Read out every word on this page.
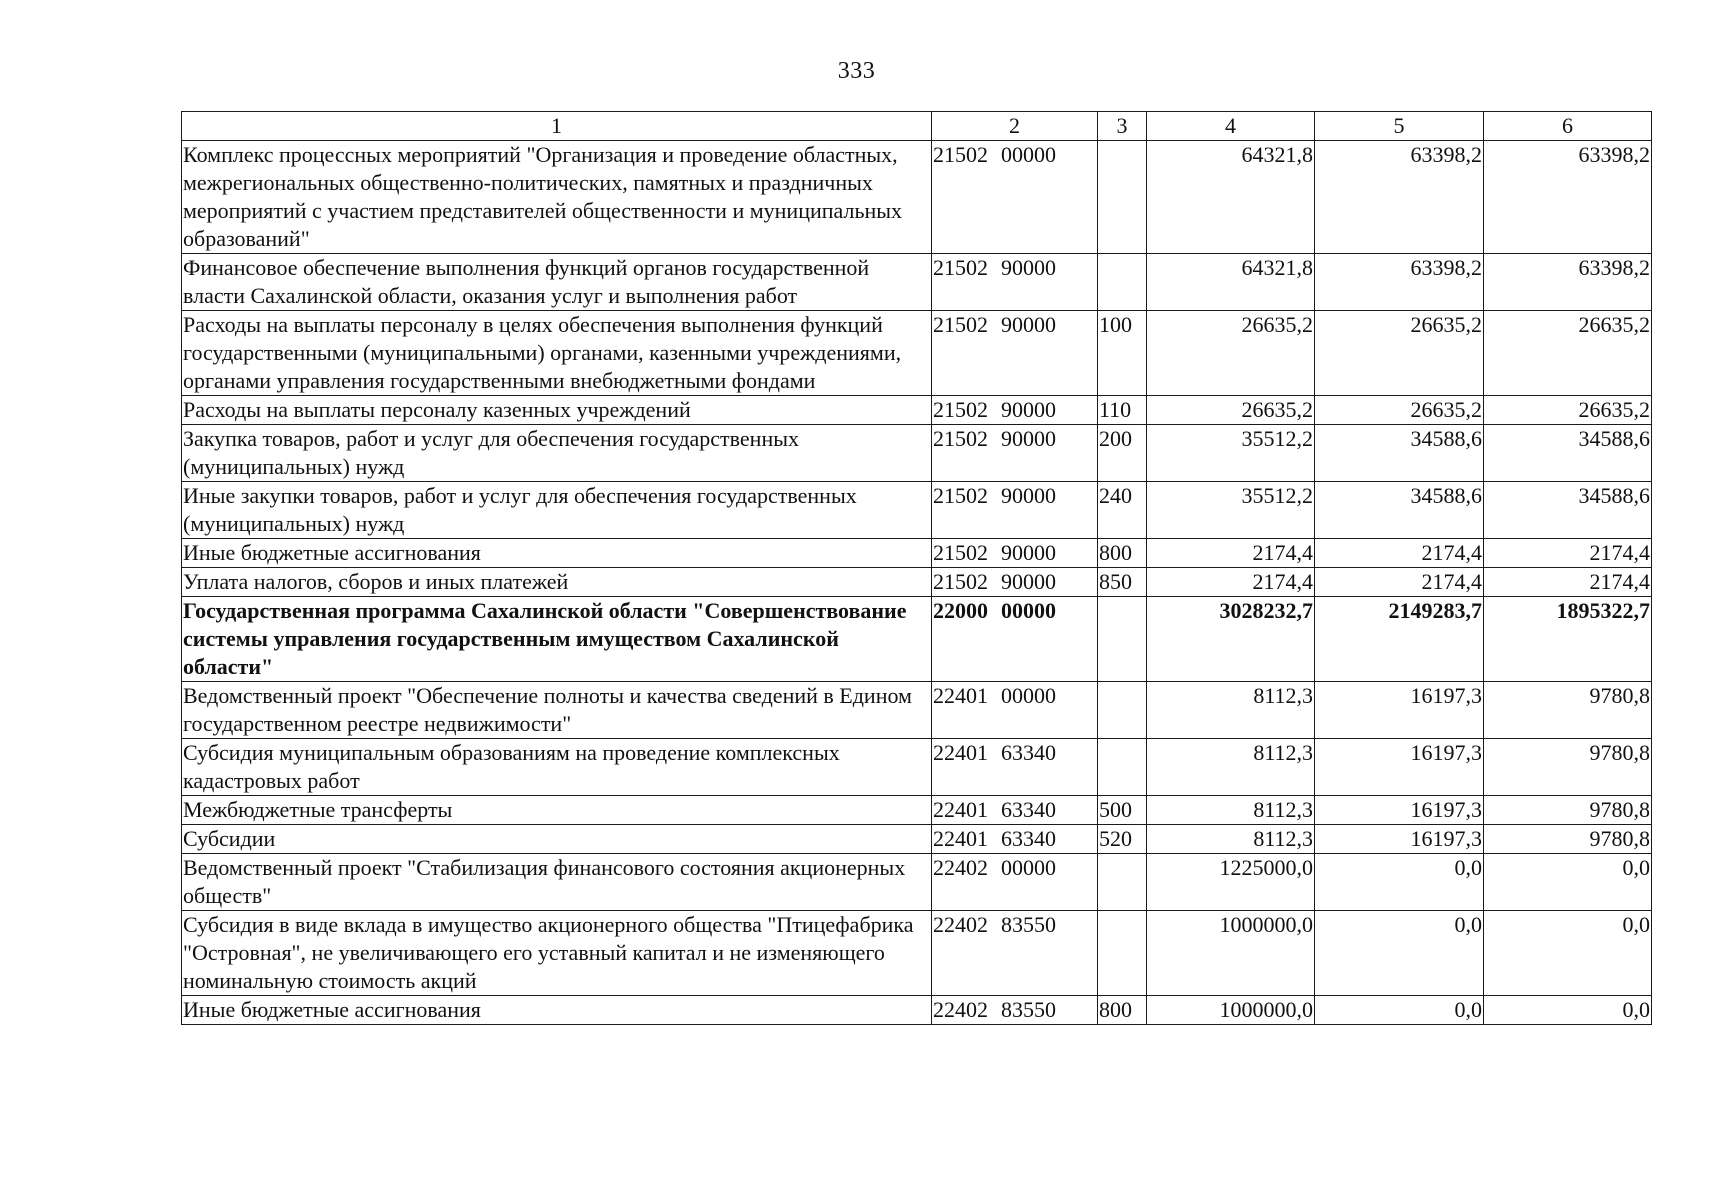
333
1	2	3	4	5	6
Комплекс процессных мероприятий "Организация и проведение областных, межрегиональных общественно-политических, памятных и праздничных мероприятий с участием представителей общественности и муниципальных образований"	21502 00000		64321,8	63398,2	63398,2
Финансовое обеспечение выполнения функций органов государственной власти Сахалинской области, оказания услуг и выполнения работ	21502 90000		64321,8	63398,2	63398,2
Расходы на выплаты персоналу в целях обеспечения выполнения функций государственными (муниципальными) органами, казенными учреждениями, органами управления государственными внебюджетными фондами	21502 90000	100	26635,2	26635,2	26635,2
Расходы на выплаты персоналу казенных учреждений	21502 90000	110	26635,2	26635,2	26635,2
Закупка товаров, работ и услуг для обеспечения государственных (муниципальных) нужд	21502 90000	200	35512,2	34588,6	34588,6
Иные закупки товаров, работ и услуг для обеспечения государственных (муниципальных) нужд	21502 90000	240	35512,2	34588,6	34588,6
Иные бюджетные ассигнования	21502 90000	800	2174,4	2174,4	2174,4
Уплата налогов, сборов и иных платежей	21502 90000	850	2174,4	2174,4	2174,4
Государственная программа Сахалинской области "Совершенствование системы управления государственным имуществом Сахалинской области"	22000 00000		3028232,7	2149283,7	1895322,7
Ведомственный проект "Обеспечение полноты и качества сведений в Едином государственном реестре недвижимости"	22401 00000		8112,3	16197,3	9780,8
Субсидия муниципальным образованиям на проведение комплексных кадастровых работ	22401 63340		8112,3	16197,3	9780,8
Межбюджетные трансферты	22401 63340	500	8112,3	16197,3	9780,8
Субсидии	22401 63340	520	8112,3	16197,3	9780,8
Ведомственный проект "Стабилизация финансового состояния акционерных обществ"	22402 00000		1225000,0	0,0	0,0
Субсидия в виде вклада в имущество акционерного общества "Птицефабрика "Островная", не увеличивающего его уставный капитал и не изменяющего номинальную стоимость акций	22402 83550		1000000,0	0,0	0,0
Иные бюджетные ассигнования	22402 83550	800	1000000,0	0,0	0,0
